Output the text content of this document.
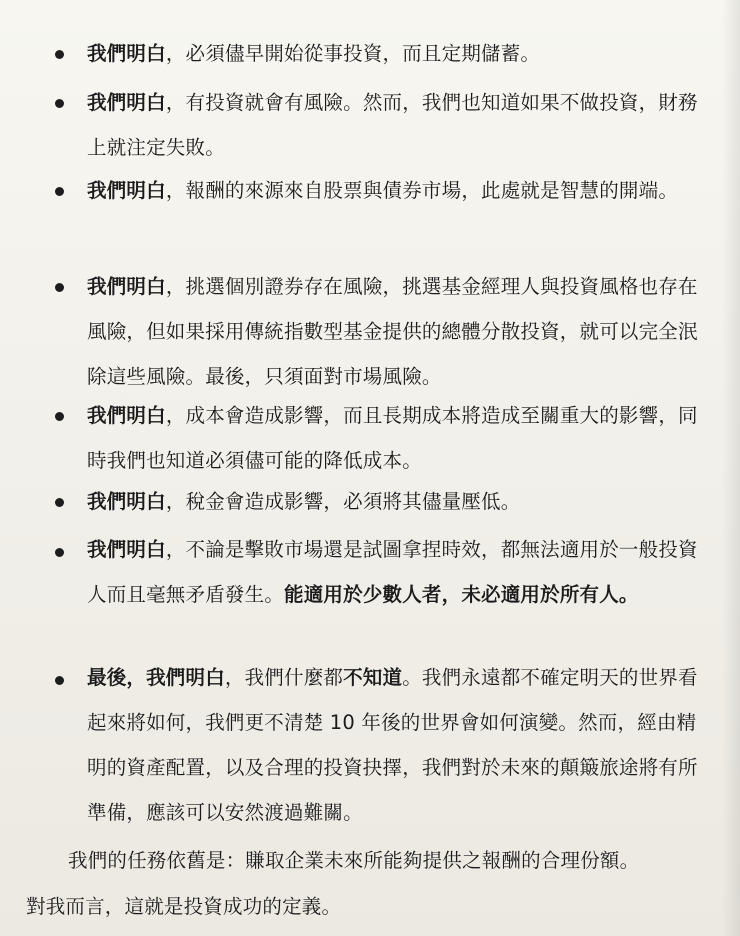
我們明白，必須儘早開始從事投資，而且定期儲蓄。
我們明白，有投資就會有風險。然而，我們也知道如果不做投資，財務上就注定失敗。
我們明白，報酬的來源來自股票與債券市場，此處就是智慧的開端。
我們明白，挑選個別證券存在風險，挑選基金經理人與投資風格也存在風險，但如果採用傳統指數型基金提供的總體分散投資，就可以完全泯除這些風險。最後，只須面對市場風險。
我們明白，成本會造成影響，而且長期成本將造成至關重大的影響，同時我們也知道必須儘可能的降低成本。
我們明白，稅金會造成影響，必須將其儘量壓低。
我們明白，不論是擊敗市場還是試圖拿捏時效，都無法適用於一般投資人而且毫無矛盾發生。能適用於少數人者，未必適用於所有人。
最後，我們明白，我們什麼都不知道。我們永遠都不確定明天的世界看起來將如何，我們更不清楚 10 年後的世界會如何演變。然而，經由精明的資產配置，以及合理的投資抉擇，我們對於未來的顛簸旅途將有所準備，應該可以安然渡過難關。
我們的任務依舊是：賺取企業未來所能夠提供之報酬的合理份額。
對我而言，這就是投資成功的定義。
